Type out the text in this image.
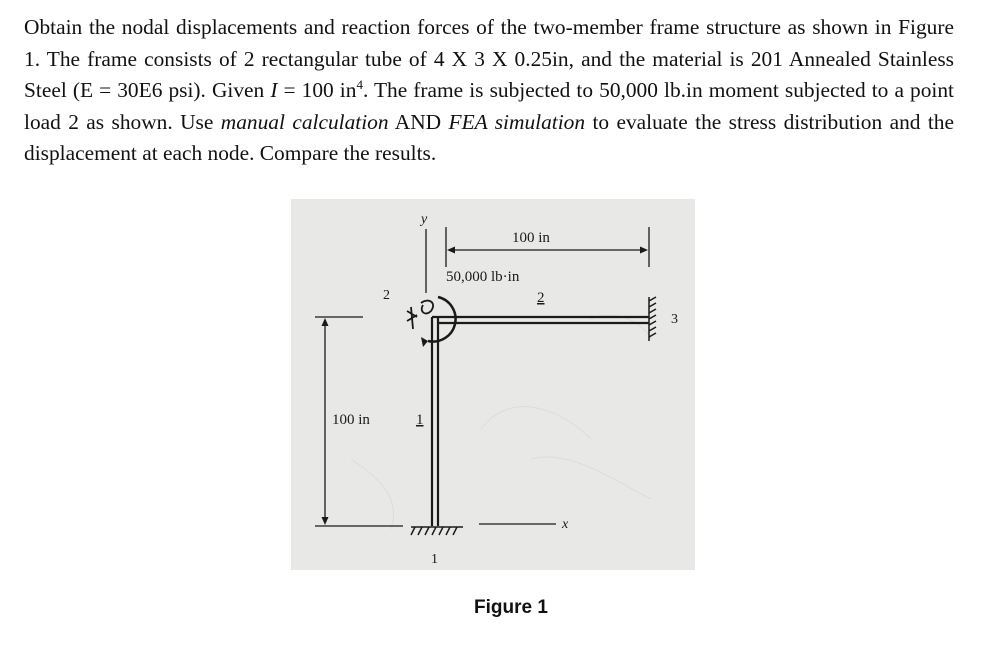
Obtain the nodal displacements and reaction forces of the two-member frame structure as shown in Figure 1. The frame consists of 2 rectangular tube of 4 X 3 X 0.25in, and the material is 201 Annealed Stainless Steel (E = 30E6 psi). Given I = 100 $in^4$. The frame is subjected to 50,000 lb.in moment subjected to a point load 2 as shown. Use manual calculation AND FEA simulation to evaluate the stress distribution and the displacement at each node. Compare the results.

y
x
100 in
100 in
50,000 lb·in
2
1
2
3
1
Figure 1
